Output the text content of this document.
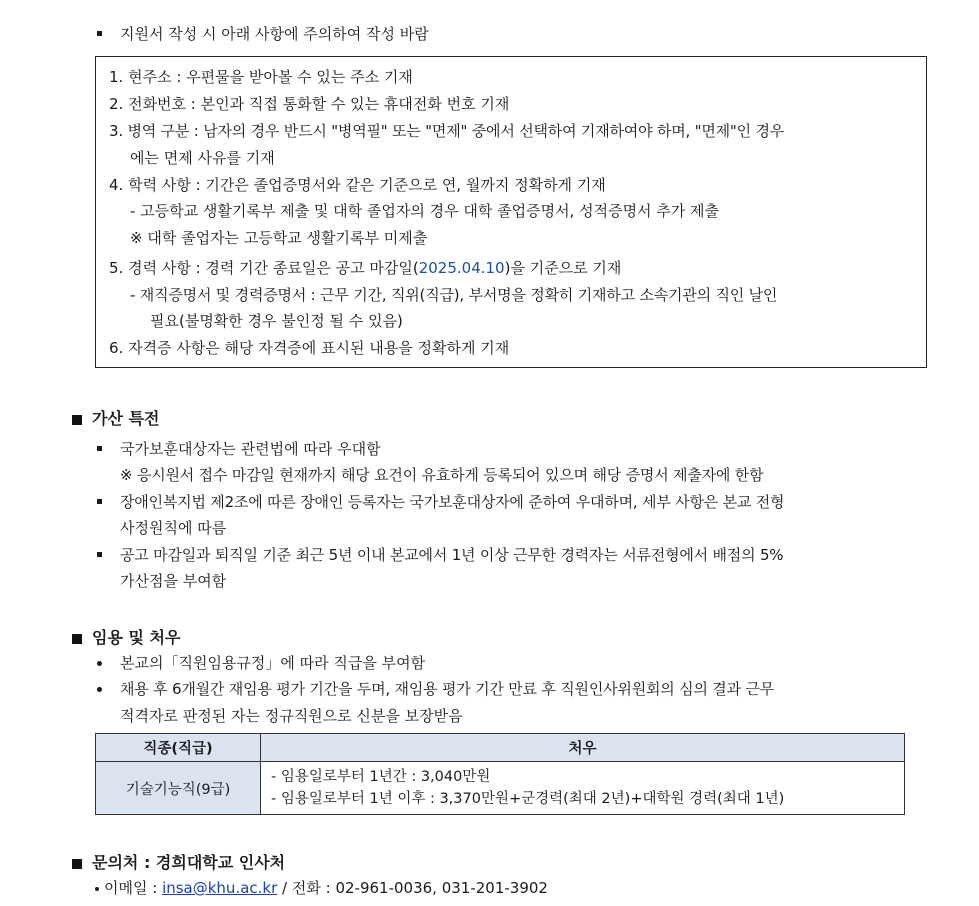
지원서 작성 시 아래 사항에 주의하여 작성 바람
1. 현주소 : 우편물을 받아볼 수 있는 주소 기재
2. 전화번호 : 본인과 직접 통화할 수 있는 휴대전화 번호 기재
3. 병역 구분 : 남자의 경우 반드시 "병역필" 또는 "면제" 중에서 선택하여 기재하여야 하며, "면제"인 경우
에는 면제 사유를 기재
4. 학력 사항 : 기간은 졸업증명서와 같은 기준으로 연, 월까지 정확하게 기재
- 고등학교 생활기록부 제출 및 대학 졸업자의 경우 대학 졸업증명서, 성적증명서 추가 제출
※ 대학 졸업자는 고등학교 생활기록부 미제출
5. 경력 사항 : 경력 기간 종료일은 공고 마감일(2025.04.10)을 기준으로 기재
- 재직증명서 및 경력증명서 : 근무 기간, 직위(직급), 부서명을 정확히 기재하고 소속기관의 직인 날인
필요(불명확한 경우 불인정 될 수 있음)
6. 자격증 사항은 해당 자격증에 표시된 내용을 정확하게 기재
가산 특전
국가보훈대상자는 관련법에 따라 우대함
※ 응시원서 접수 마감일 현재까지 해당 요건이 유효하게 등록되어 있으며 해당 증명서 제출자에 한함
장애인복지법 제2조에 따른 장애인 등록자는 국가보훈대상자에 준하여 우대하며, 세부 사항은 본교 전형
사정원칙에 따름
공고 마감일과 퇴직일 기준 최근 5년 이내 본교에서 1년 이상 근무한 경력자는 서류전형에서 배점의 5%
가산점을 부여함
임용 및 처우
본교의「직원임용규정」에 따라 직급을 부여함
채용 후 6개월간 재임용 평가 기간을 두며, 재임용 평가 기간 만료 후 직원인사위원회의 심의 결과 근무
적격자로 판정된 자는 정규직원으로 신분을 보장받음
직종(직급)	처우
기술기능직(9급)	- 임용일로부터 1년간 : 3,040만원
- 임용일로부터 1년 이후 : 3,370만원+군경력(최대 2년)+대학원 경력(최대 1년)
문의처 : 경희대학교 인사처
이메일 : insa@khu.ac.kr / 전화 : 02-961-0036, 031-201-3902
